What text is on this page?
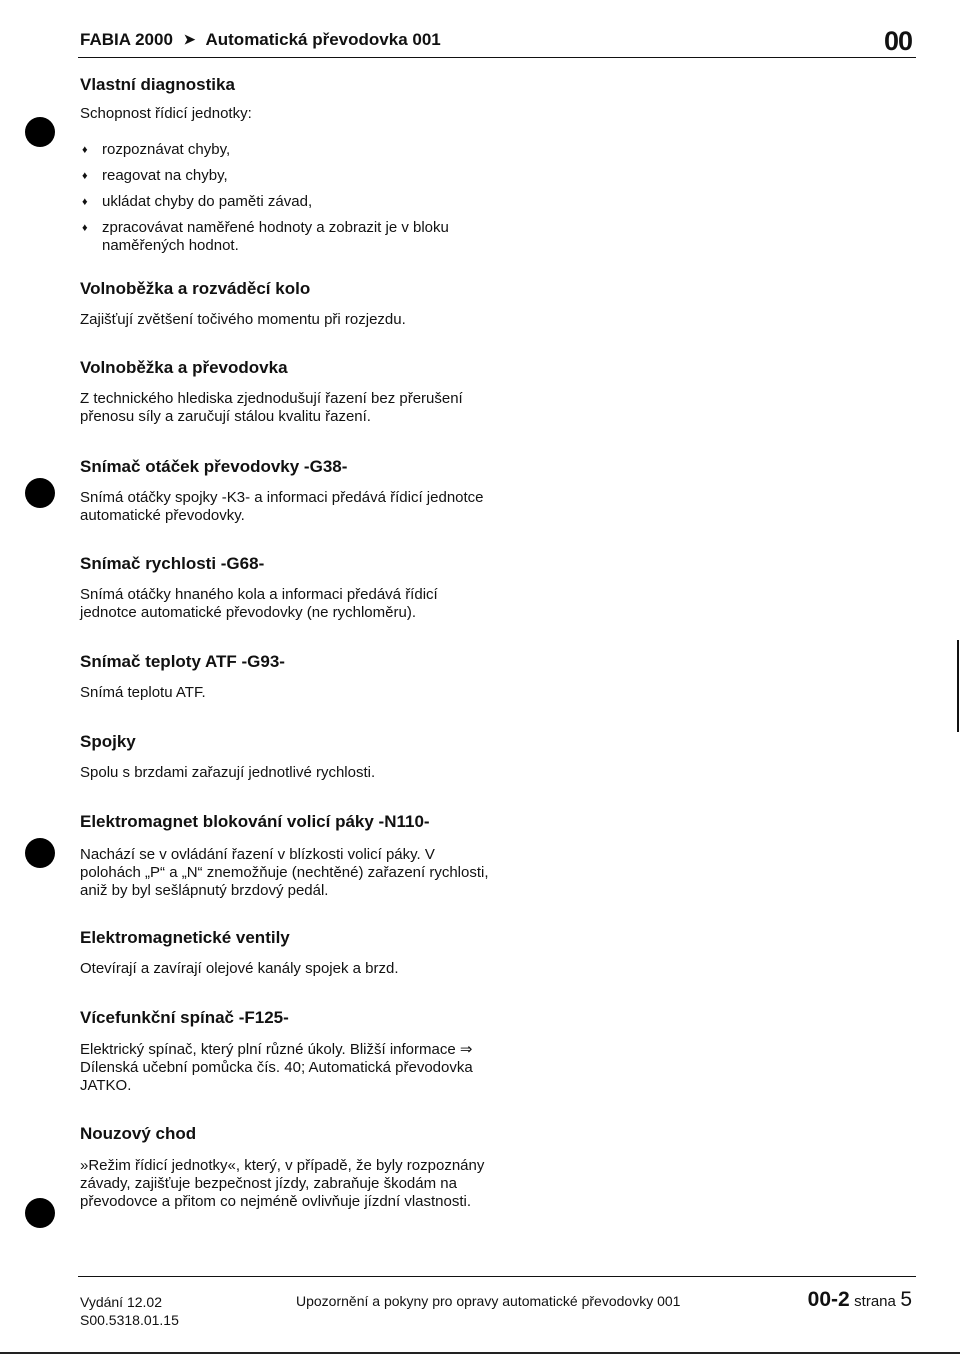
FABIA 2000 ➤ Automatická převodovka 001	00
Vlastní diagnostika

Schopnost řídicí jednotky:

♦ rozpoznávat chyby,
♦ reagovat na chyby,
♦ ukládat chyby do paměti závad,
♦ zpracovávat naměřené hodnoty a zobrazit je v bloku naměřených hodnot.
Volnoběžka a rozváděcí kolo

Zajišťují zvětšení točivého momentu při rozjezdu.

Volnoběžka a převodovka

Z technického hlediska zjednodušují řazení bez přerušení přenosu síly a zaručují stálou kvalitu řazení.

Snímač otáček převodovky -G38-

Snímá otáčky spojky -K3- a informaci předává řídicí jednotce automatické převodovky.

Snímač rychlosti -G68-

Snímá otáčky hnaného kola a informaci předává řídicí jednotce automatické převodovky (ne rychloměru).

Snímač teploty ATF -G93-

Snímá teplotu ATF.

Spojky

Spolu s brzdami zařazují jednotlivé rychlosti.

Elektromagnet blokování volicí páky -N110-

Nachází se v ovládání řazení v blízkosti volicí páky. V polohách „P“ a „N“ znemožňuje (nechtěné) zařazení rychlosti, aniž by byl sešlápnutý brzdový pedál.

Elektromagnetické ventily

Otevírají a zavírají olejové kanály spojek a brzd.

Vícefunkční spínač -F125-

Elektrický spínač, který plní různé úkoly. Bližší informace ⇒ Dílenská učební pomůcka čís. 40; Automatická převodovka JATKO.

Nouzový chod

»Režim řídicí jednotky«, který, v případě, že byly rozpoznány závady, zajišťuje bezpečnost jízdy, zabraňuje škodám na převodovce a přitom co nejméně ovlivňuje jízdní vlastnosti.

Vydání 12.02
S00.5318.01.15
Upozornění a pokyny pro opravy automatické převodovky 001	00-2 strana 5
